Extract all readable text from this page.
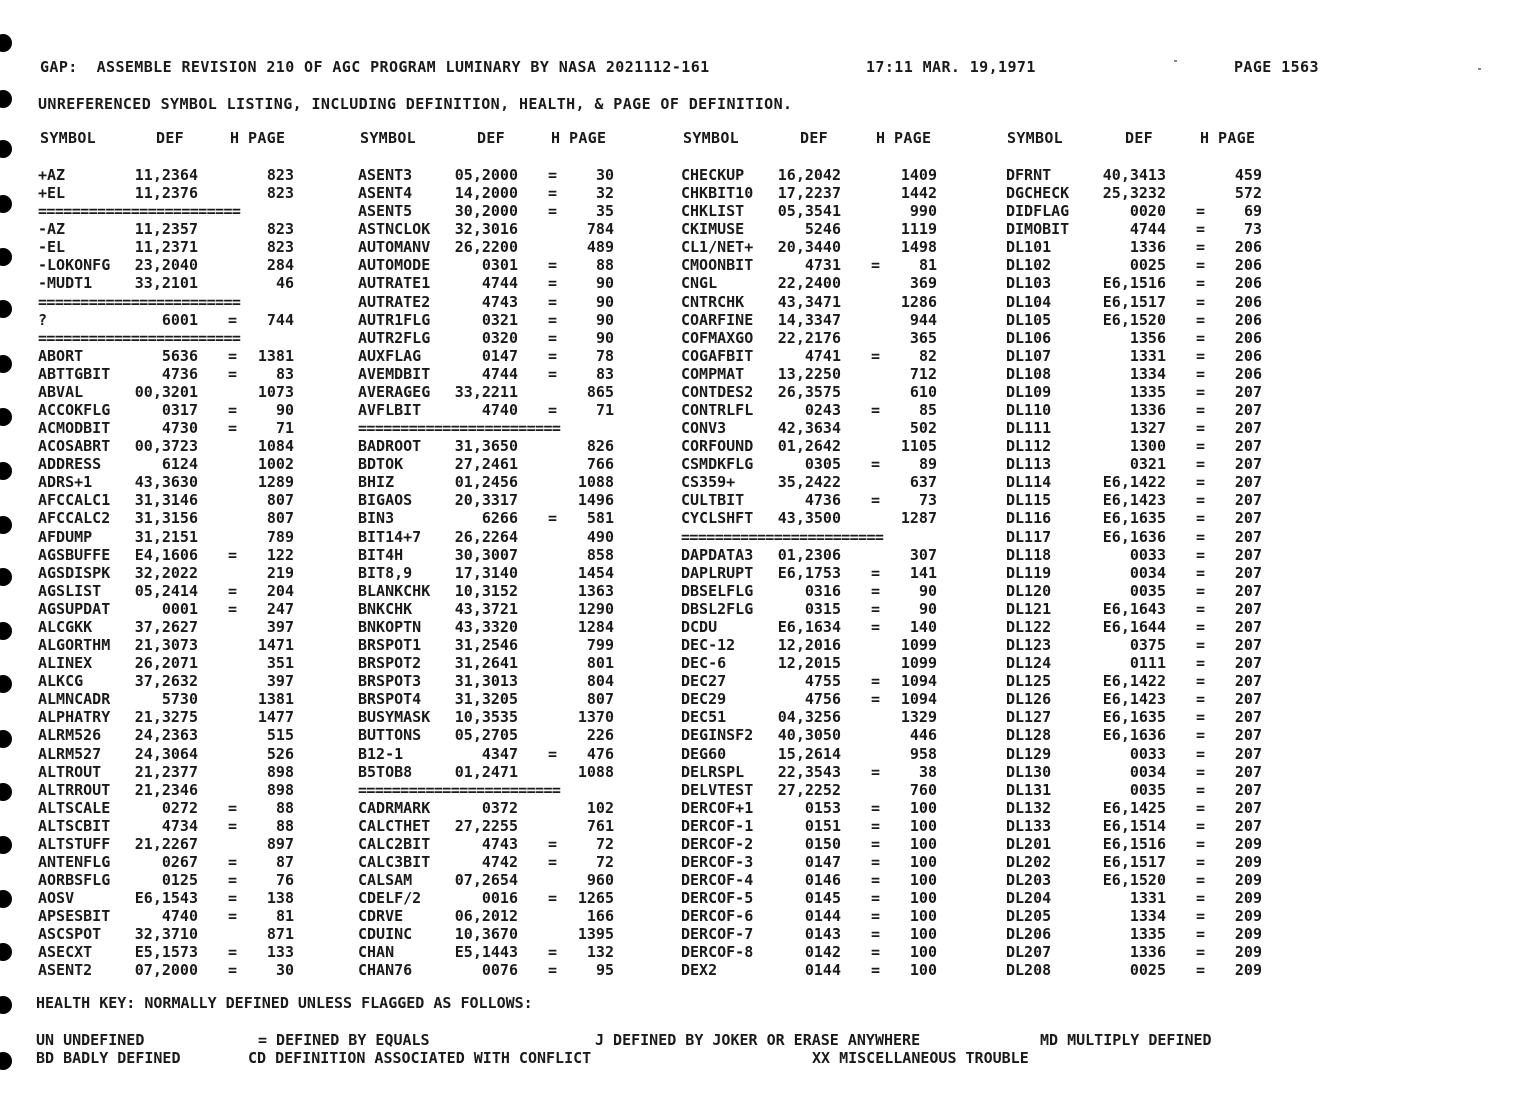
GAP:  ASSEMBLE REVISION 210 OF AGC PROGRAM LUMINARY BY NASA 2021112-161	17:11 MAR. 19,1971	PAGE 1563
UNREFERENCED SYMBOL LISTING, INCLUDING DEFINITION, HEALTH, & PAGE OF DEFINITION.
SYMBOL	DEF	H PAGE	SYMBOL	DEF	H PAGE	SYMBOL	DEF	H PAGE	SYMBOL	DEF	H PAGE
+AZ	11,2364	823
+EL	11,2376	823
========================
-AZ	11,2357	823
-EL	11,2371	823
-LOKONFG 23,2040	284
-MUDT1	33,2101	46
========================
?	6001 = 744
========================
ABORT	5636 = 1381
ABTTGBIT	4736 =	83
ABVAL	00,3201	1073
ACCOKFLG	0317 =	90
ACMODBIT	4730 =	71
ACOSABRT 00,3723	1084
ADDRESS	6124	1002
ADRS+1	43,3630	1289
AFCCALC1 31,3146	807
AFCCALC2 31,3156	807
AFDUMP	31,2151	789
AGSBUFFE E4,1606 = 122
AGSDISPK 32,2022	219
AGSLIST 05,2414 = 204
AGSUPDAT	0001 = 247
ALCGKK	37,2627	397
ALGORTHM 21,3073	1471
ALINEX	26,2071	351
ALKCG	37,2632	397
ALMNCADR	5730	1381
ALPHATRY 21,3275	1477
ALRM526 24,2363	515
ALRM527 24,3064	526
ALTROUT 21,2377	898
ALTRROUT 21,2346	898
ALTSCALE	0272 =	88
ALTSCBIT	4734 =	88
ALTSTUFF 21,2267	897
ANTENFLG	0267 =	87
AORBSFLG	0125 =	76
AOSV	E6,1543 = 138
APSESBIT	4740 =	81
ASCSPOT 32,3710	871
ASECXT	E5,1573 = 133
ASENT2	07,2000 =	30
ASENT3	05,2000 =	30
ASENT4	14,2000 =	32
ASENT5	30,2000 =	35
ASTNCLOK 32,3016	784
AUTOMANV 26,2200	489
AUTOMODE	0301 =	88
AUTRATE1	4744 =	90
AUTRATE2	4743 =	90
AUTR1FLG	0321 =	90
AUTR2FLG	0320 =	90
AUXFLAG	0147 =	78
AVEMDBIT	4744 =	83
AVERAGEG 33,2211	865
AVFLBIT	4740 =	71
========================
BADROOT 31,3650	826
BDTOK	27,2461	766
BHIZ	01,2456	1088
BIGAOS	20,3317	1496
BIN3	6266 = 581
BIT14+7 26,2264	490
BIT4H	30,3007	858
BIT8,9	17,3140	1454
BLANKCHK 10,3152	1363
BNKCHK	43,3721	1290
BNKOPTN 43,3320	1284
BRSPOT1 31,2546	799
BRSPOT2 31,2641	801
BRSPOT3 31,3013	804
BRSPOT4 31,3205	807
BUSYMASK 10,3535	1370
BUTTONS 05,2705	226
B12-1	4347 = 476
B5TOB8	01,2471	1088
========================
CADRMARK	0372	102
CALCTHET 27,2255	761
CALC2BIT	4743 =	72
CALC3BIT	4742 =	72
CALSAM	07,2654	960
CDELF/2	0016 = 1265
CDRVE	06,2012	166
CDUINC	10,3670	1395
CHAN	E5,1443 = 132
CHAN76	0076 =	95
CHECKUP 16,2042	1409
CHKBIT10 17,2237	1442
CHKLIST 05,3541	990
CKIMUSE	5246	1119
CL1/NET+ 20,3440	1498
CMOONBIT	4731 =	81
CNGL	22,2400	369
CNTRCHK 43,3471	1286
COARFINE 14,3347	944
COFMAXGO 22,2176	365
COGAFBIT	4741 =	82
COMPMAT 13,2250	712
CONTDES2 26,3575	610
CONTRLFL	0243 =	85
CONV3	42,3634	502
CORFOUND 01,2642	1105
CSMDKFLG	0305 =	89
CS359+	35,2422	637
CULTBIT	4736 =	73
CYCLSHFT 43,3500	1287
========================
DAPDATA3 01,2306	307
DAPLRUPT E6,1753 = 141
DBSELFLG	0316 =	90
DBSL2FLG	0315 =	90
DCDU	E6,1634 = 140
DEC-12	12,2016	1099
DEC-6	12,2015	1099
DEC27	4755 = 1094
DEC29	4756 = 1094
DEC51	04,3256	1329
DEGINSF2 40,3050	446
DEG60	15,2614	958
DELRSPL 22,3543 =	38
DELVTEST 27,2252	760
DERCOF+1	0153 = 100
DERCOF-1	0151 = 100
DERCOF-2	0150 = 100
DERCOF-3	0147 = 100
DERCOF-4	0146 = 100
DERCOF-5	0145 = 100
DERCOF-6	0144 = 100
DERCOF-7	0143 = 100
DERCOF-8	0142 = 100
DEX2	0144 = 100
DFRNT	40,3413	459
DGCHECK 25,3232	572
DIDFLAG	0020 =	69
DIMOBIT	4744 =	73
DL101	1336 = 206
DL102	0025 = 206
DL103	E6,1516 = 206
DL104	E6,1517 = 206
DL105	E6,1520 = 206
DL106	1356 = 206
DL107	1331 = 206
DL108	1334 = 206
DL109	1335 = 207
DL110	1336 = 207
DL111	1327 = 207
DL112	1300 = 207
DL113	0321 = 207
DL114	E6,1422 = 207
DL115	E6,1423 = 207
DL116	E6,1635 = 207
DL117	E6,1636 = 207
DL118	0033 = 207
DL119	0034 = 207
DL120	0035 = 207
DL121	E6,1643 = 207
DL122	E6,1644 = 207
DL123	0375 = 207
DL124	0111 = 207
DL125	E6,1422 = 207
DL126	E6,1423 = 207
DL127	E6,1635 = 207
DL128	E6,1636 = 207
DL129	0033 = 207
DL130	0034 = 207
DL131	0035 = 207
DL132	E6,1425 = 207
DL133	E6,1514 = 207
DL201	E6,1516 = 209
DL202	E6,1517 = 209
DL203	E6,1520 = 209
DL204	1331 = 209
DL205	1334 = 209
DL206	1335 = 209
DL207	1336 = 209
DL208	0025 = 209
HEALTH KEY: NORMALLY DEFINED UNLESS FLAGGED AS FOLLOWS:
UN UNDEFINED	= DEFINED BY EQUALS	J DEFINED BY JOKER OR ERASE ANYWHERE	MD MULTIPLY DEFINED
BD BADLY DEFINED	CD DEFINITION ASSOCIATED WITH CONFLICT	XX MISCELLANEOUS TROUBLE
